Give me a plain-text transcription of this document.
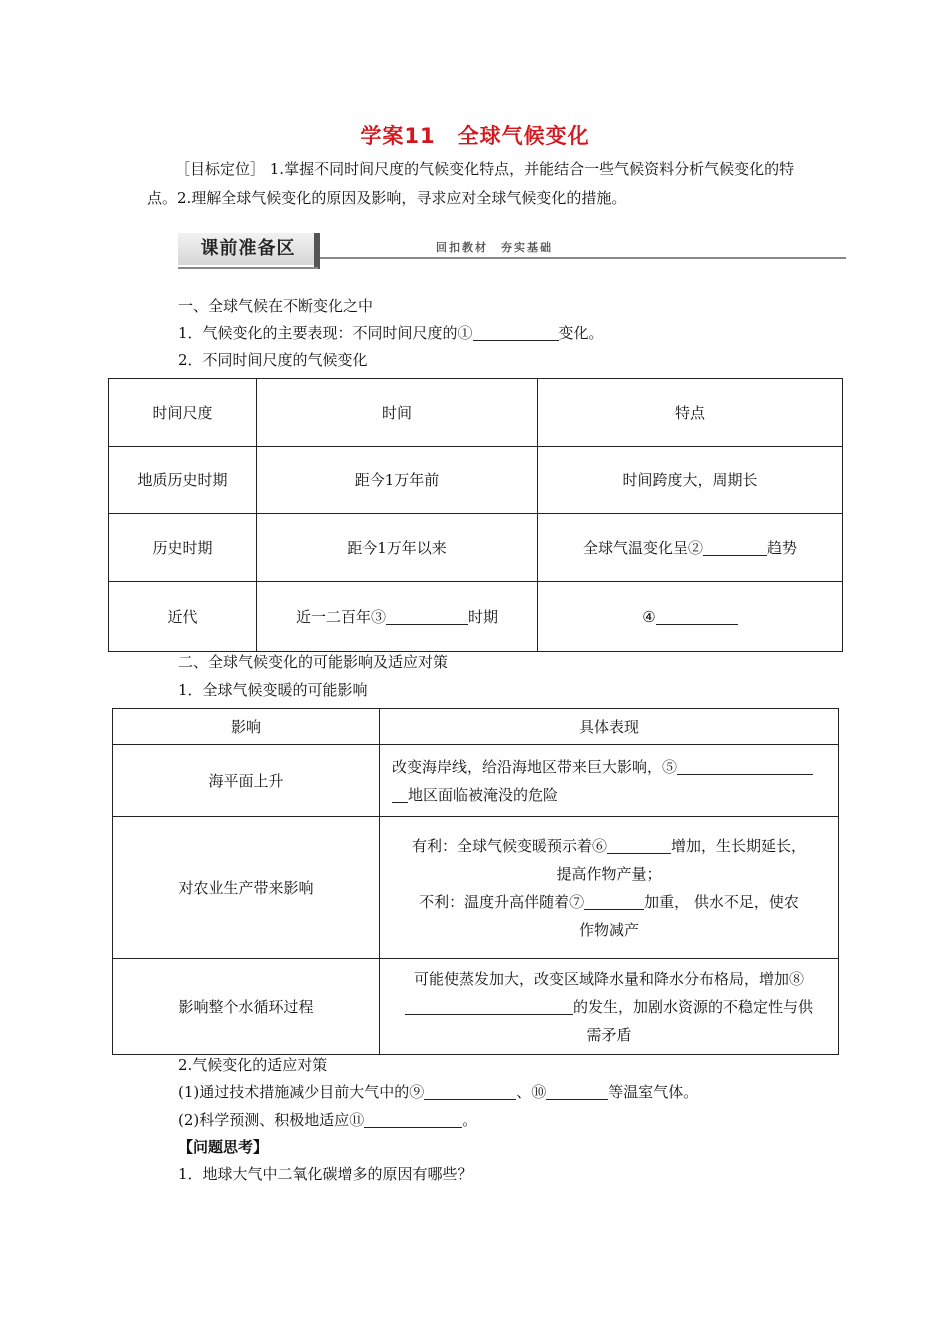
学案11　全球气候变化
［目标定位］ 1.掌握不同时间尺度的气候变化特点，并能结合一些气候资料分析气候变化的特点。2.理解全球气候变化的原因及影响，寻求应对全球气候变化的措施。
课前准备区	回扣教材　夯实基础
一、全球气候在不断变化之中
1．气候变化的主要表现：不同时间尺度的①	变化。
2．不同时间尺度的气候变化
时间尺度	时间	特点
地质历史时期	距今1万年前	时间跨度大，周期长
历史时期	距今1万年以来	全球气温变化呈② 趋势
近代	近一二百年③ 时期	④
二、全球气候变化的可能影响及适应对策
1．全球气候变暖的可能影响
影响	具体表现
海平面上升	改变海岸线，给沿海地区带来巨大影响，⑤
地区面临被淹没的危险

对农业生产带来影响	有利：全球气候变暖预示着⑥ 增加，生长期延长，
提高作物产量；
不利：温度升高伴随着⑦ 加重， 供水不足，使农
作物减产

影响整个水循环过程	可能使蒸发加大，改变区域降水量和降水分布格局，增加⑧
的发生，加剧水资源的不稳定性与供
需矛盾
2.气候变化的适应对策
(1)通过技术措施减少目前大气中的⑨	、⑩	等温室气体。
(2)科学预测、积极地适应⑪	。
【问题思考】
1．地球大气中二氧化碳增多的原因有哪些？
